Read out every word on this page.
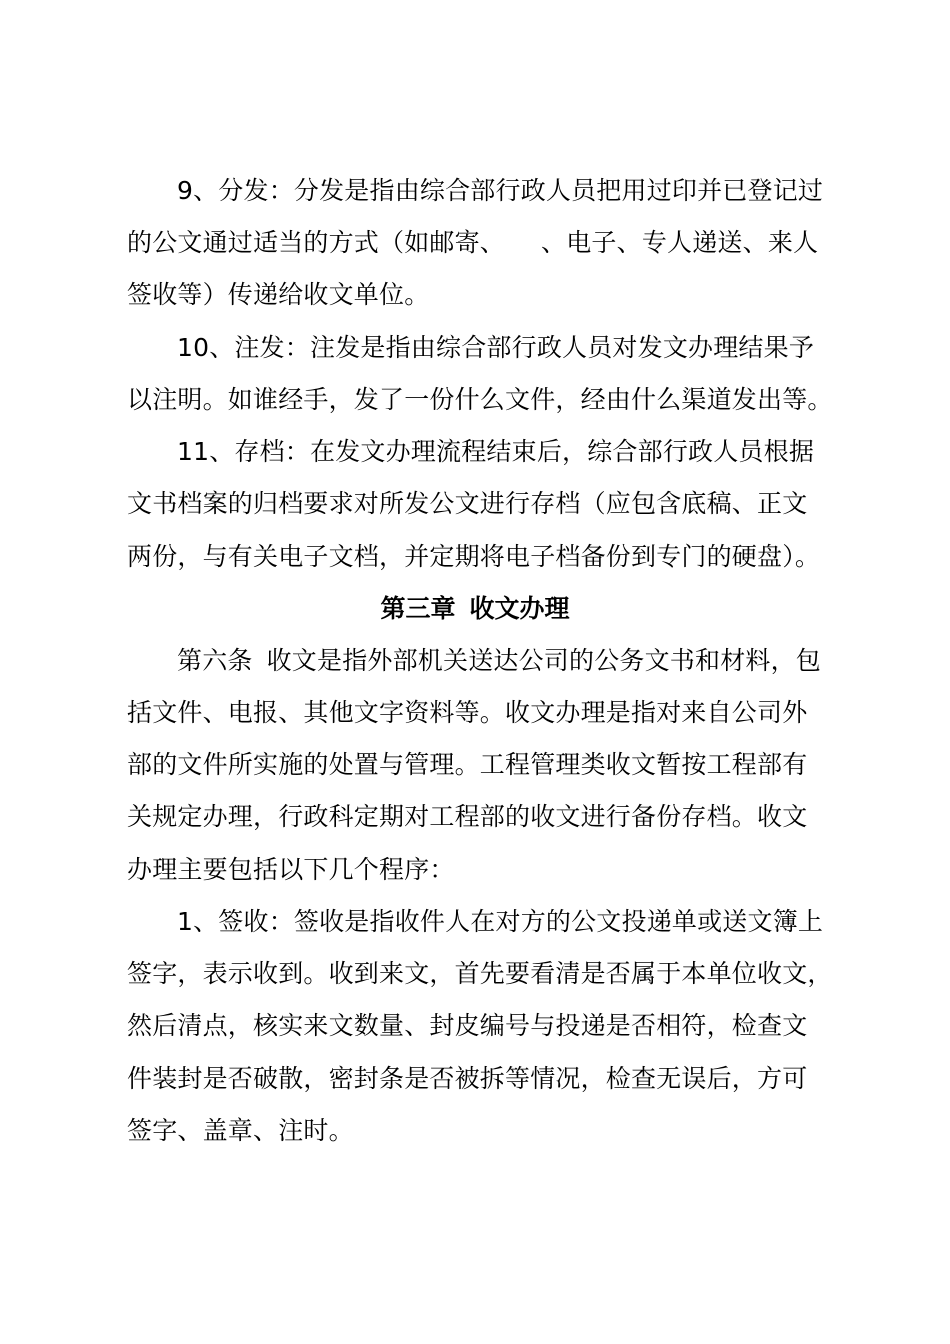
9、分发：分发是指由综合部行政人员把用过印并已登记过
的公文通过适当的方式（如邮寄、 、电子、专人递送、来人
签收等）传递给收文单位。
10、注发：注发是指由综合部行政人员对发文办理结果予
以注明。如谁经手，发了一份什么文件，经由什么渠道发出等。
11、存档：在发文办理流程结束后，综合部行政人员根据
文书档案的归档要求对所发公文进行存档（应包含底稿、正文
两份，与有关电子文档，并定期将电子档备份到专门的硬盘）。
第三章 收文办理
第六条 收文是指外部机关送达公司的公务文书和材料，包
括文件、电报、其他文字资料等。收文办理是指对来自公司外
部的文件所实施的处置与管理。工程管理类收文暂按工程部有
关规定办理，行政科定期对工程部的收文进行备份存档。收文
办理主要包括以下几个程序：
1、签收：签收是指收件人在对方的公文投递单或送文簿上
签字，表示收到。收到来文，首先要看清是否属于本单位收文，
然后清点，核实来文数量、封皮编号与投递是否相符，检查文
件装封是否破散，密封条是否被拆等情况，检查无误后，方可
签字、盖章、注时。
